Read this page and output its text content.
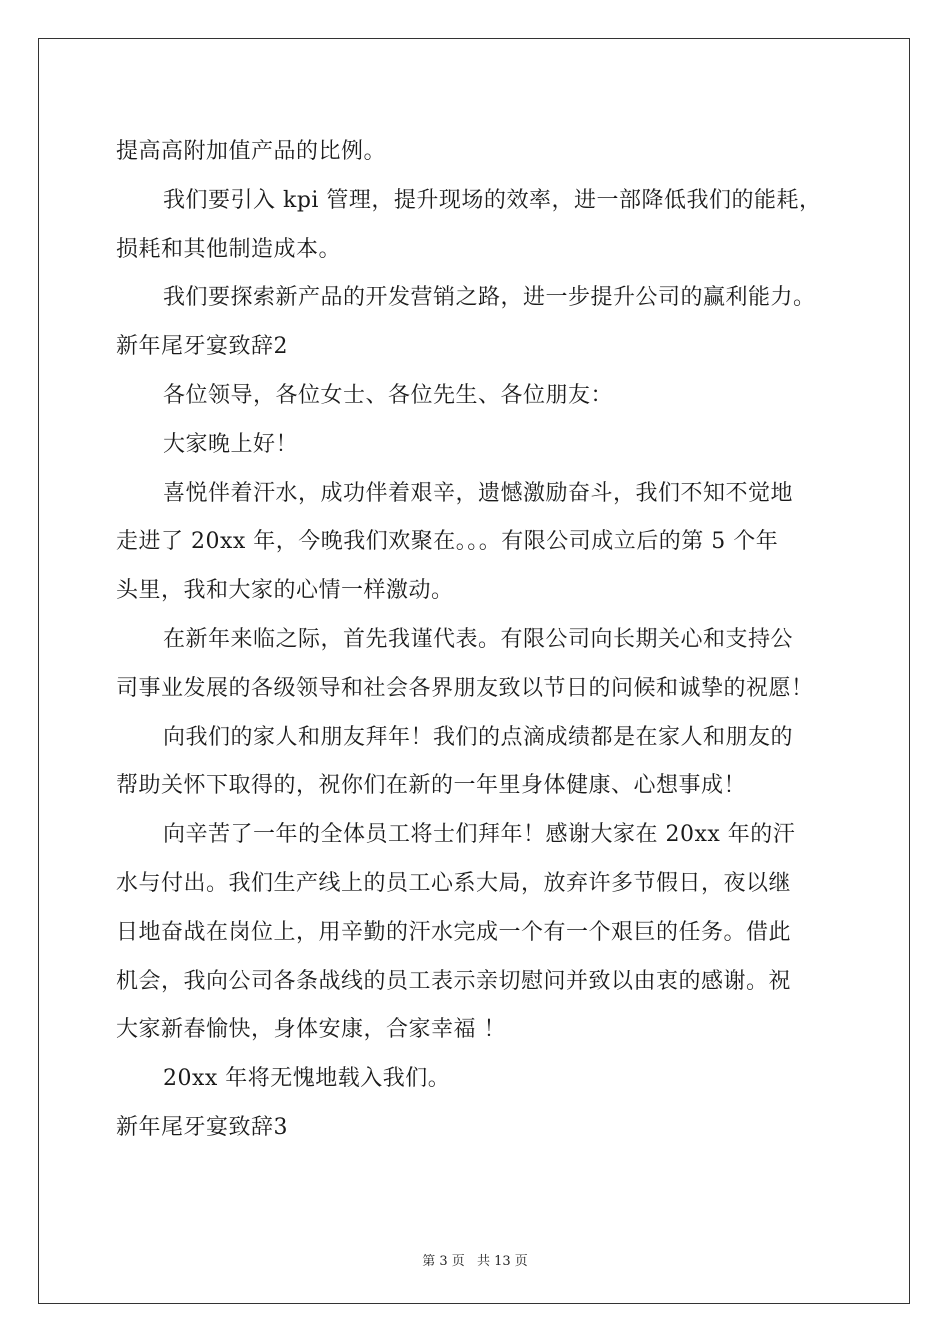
提高高附加值产品的比例。
我们要引入 kpi 管理，提升现场的效率，进一部降低我们的能耗，
损耗和其他制造成本。
我们要探索新产品的开发营销之路，进一步提升公司的赢利能力。
新年尾牙宴致辞2
各位领导，各位女士、各位先生、各位朋友：
大家晚上好！
喜悦伴着汗水，成功伴着艰辛，遗憾激励奋斗，我们不知不觉地
走进了 20xx 年，今晚我们欢聚在。。。有限公司成立后的第 5 个年
头里，我和大家的心情一样激动。
在新年来临之际，首先我谨代表。有限公司向长期关心和支持公
司事业发展的各级领导和社会各界朋友致以节日的问候和诚挚的祝愿！
向我们的家人和朋友拜年！我们的点滴成绩都是在家人和朋友的
帮助关怀下取得的，祝你们在新的一年里身体健康、心想事成！
向辛苦了一年的全体员工将士们拜年！感谢大家在 20xx 年的汗
水与付出。我们生产线上的员工心系大局，放弃许多节假日，夜以继
日地奋战在岗位上，用辛勤的汗水完成一个有一个艰巨的任务。借此
机会，我向公司各条战线的员工表示亲切慰问并致以由衷的感谢。祝
大家新春愉快，身体安康，合家幸福 ！
20xx 年将无愧地载入我们。
新年尾牙宴致辞3
第 3 页 共 13 页
